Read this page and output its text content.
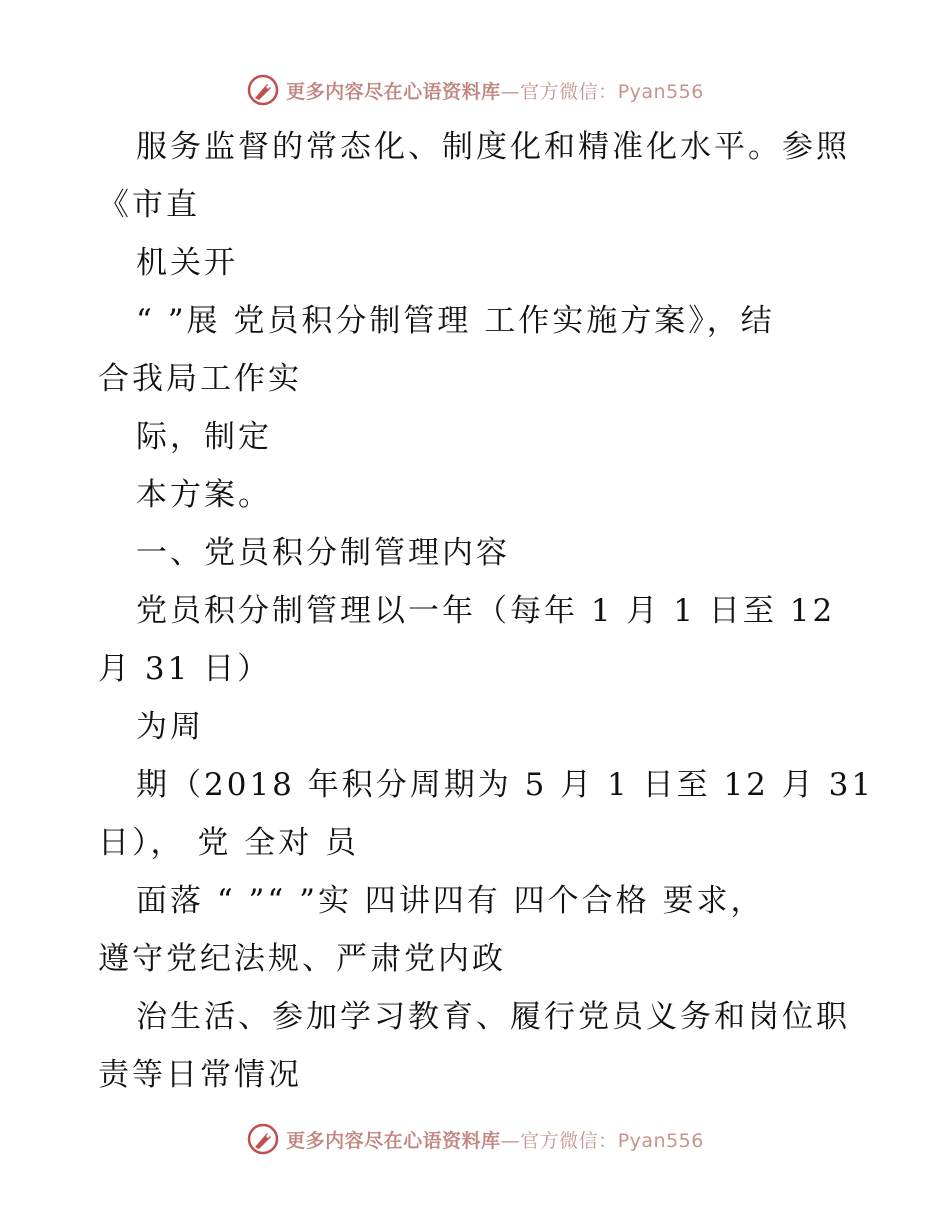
更多内容尽在心语资料库—官方微信：Pyan556
服务监督的常态化、制度化和精准化水平。参照
《市直
机关开
“ ”展 党员积分制管理 工作实施方案》，结
合我局工作实
际，制定
本方案。
一、党员积分制管理内容
党员积分制管理以一年（每年 1 月 1 日至 12
月 31 日）
为周
期（2018 年积分周期为 5 月 1 日至 12 月 31
日）， 党 全对 员
面落 “ ”“ ”实 四讲四有 四个合格 要求，
遵守党纪法规、严肃党内政
治生活、参加学习教育、履行党员义务和岗位职
责等日常情况
更多内容尽在心语资料库—官方微信：Pyan556
